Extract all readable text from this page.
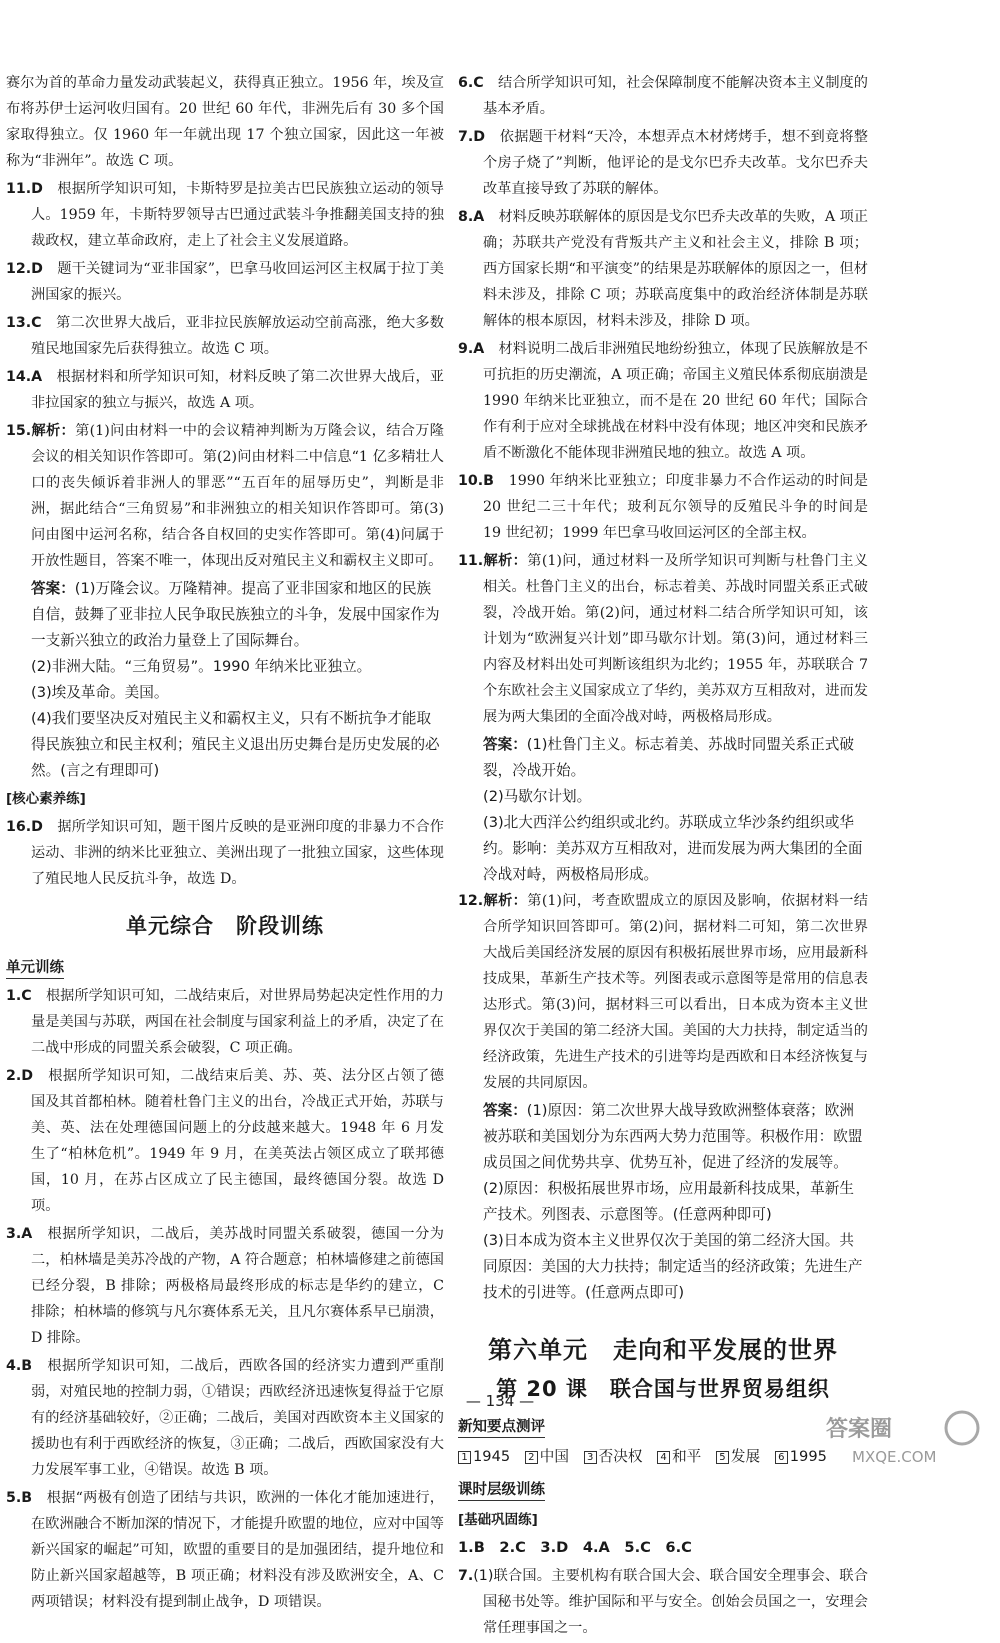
赛尔为首的革命力量发动武装起义，获得真正独立。1956 年，埃及宣布将苏伊士运河收归国有。20 世纪 60 年代，非洲先后有 30 多个国家取得独立。仅 1960 年一年就出现 17 个独立国家，因此这一年被称为“非洲年”。故选 C 项。

11.D　 根据所学知识可知，卡斯特罗是拉美古巴民族独立运动的领导人。1959 年，卡斯特罗领导古巴通过武装斗争推翻美国支持的独裁政权，建立革命政府，走上了社会主义发展道路。

12.D　 题干关键词为“亚非国家”，巴拿马收回运河区主权属于拉丁美洲国家的振兴。

13.C　 第二次世界大战后，亚非拉民族解放运动空前高涨，绝大多数殖民地国家先后获得独立。故选 C 项。

14.A　 根据材料和所学知识可知，材料反映了第二次世界大战后，亚非拉国家的独立与振兴，故选 A 项。

15.解析：第(1)问由材料一中的会议精神判断为万隆会议，结合万隆会议的相关知识作答即可。第(2)问由材料二中信息“1 亿多精壮人口的丧失倾诉着非洲人的罪恶”“五百年的屈辱历史”，判断是非洲，据此结合“三角贸易”和非洲独立的相关知识作答即可。第(3)问由图中运河名称，结合各自权回的史实作答即可。第(4)问属于开放性题目，答案不唯一，体现出反对殖民主义和霸权主义即可。

答案：(1)万隆会议。万隆精神。提高了亚非国家和地区的民族自信，鼓舞了亚非拉人民争取民族独立的斗争，发展中国家作为一支新兴独立的政治力量登上了国际舞台。

(2)非洲大陆。“三角贸易”。1990 年纳米比亚独立。

(3)埃及革命。美国。

(4)我们要坚决反对殖民主义和霸权主义，只有不断抗争才能取得民族独立和民主权利；殖民主义退出历史舞台是历史发展的必然。(言之有理即可)

[核心素养练]

16.D　 据所学知识可知，题干图片反映的是亚洲印度的非暴力不合作运动、非洲的纳米比亚独立、美洲出现了一批独立国家，这些体现了殖民地人民反抗斗争，故选 D。

单元综合　阶段训练
单元训练

1.C　 根据所学知识可知，二战结束后，对世界局势起决定性作用的力量是美国与苏联，两国在社会制度与国家利益上的矛盾，决定了在二战中形成的同盟关系会破裂，C 项正确。

2.D　 根据所学知识可知，二战结束后美、苏、英、法分区占领了德国及其首都柏林。随着杜鲁门主义的出台，冷战正式开始，苏联与美、英、法在处理德国问题上的分歧越来越大。1948 年 6 月发生了“柏林危机”。1949 年 9 月，在美英法占领区成立了联邦德国，10 月，在苏占区成立了民主德国，最终德国分裂。故选 D 项。

3.A　 根据所学知识，二战后，美苏战时同盟关系破裂，德国一分为二，柏林墙是美苏冷战的产物，A 符合题意；柏林墙修建之前德国已经分裂，B 排除；两极格局最终形成的标志是华约的建立，C 排除；柏林墙的修筑与凡尔赛体系无关，且凡尔赛体系早已崩溃，D 排除。

4.B　 根据所学知识可知，二战后，西欧各国的经济实力遭到严重削弱，对殖民地的控制力弱，①错误；西欧经济迅速恢复得益于它原有的经济基础较好，②正确；二战后，美国对西欧资本主义国家的援助也有利于西欧经济的恢复，③正确；二战后，西欧国家没有大力发展军事工业，④错误。故选 B 项。

5.B　 根据“两极有创造了团结与共识，欧洲的一体化才能加速进行，在欧洲融合不断加深的情况下，才能提升欧盟的地位，应对中国等新兴国家的崛起”可知，欧盟的重要目的是加强团结，提升地位和防止新兴国家超越等，B 项正确；材料没有涉及欧洲安全，A、C 两项错误；材料没有提到制止战争，D 项错误。

6.C　 结合所学知识可知，社会保障制度不能解决资本主义制度的基本矛盾。

7.D　 依据题干材料“天冷，本想弄点木材烤烤手，想不到竟将整个房子烧了”判断，他评论的是戈尔巴乔夫改革。戈尔巴乔夫改革直接导致了苏联的解体。

8.A　 材料反映苏联解体的原因是戈尔巴乔夫改革的失败，A 项正确；苏联共产党没有背叛共产主义和社会主义，排除 B 项；西方国家长期“和平演变”的结果是苏联解体的原因之一，但材料未涉及，排除 C 项；苏联高度集中的政治经济体制是苏联解体的根本原因，材料未涉及，排除 D 项。

9.A　 材料说明二战后非洲殖民地纷纷独立，体现了民族解放是不可抗拒的历史潮流，A 项正确；帝国主义殖民体系彻底崩溃是 1990 年纳米比亚独立，而不是在 20 世纪 60 年代；国际合作有利于应对全球挑战在材料中没有体现；地区冲突和民族矛盾不断激化不能体现非洲殖民地的独立。故选 A 项。

10.B　 1990 年纳米比亚独立；印度非暴力不合作运动的时间是 20 世纪二三十年代；玻利瓦尔领导的反殖民斗争的时间是 19 世纪初；1999 年巴拿马收回运河区的全部主权。

11.解析：第(1)问，通过材料一及所学知识可判断与杜鲁门主义相关。杜鲁门主义的出台，标志着美、苏战时同盟关系正式破裂，冷战开始。第(2)问，通过材料二结合所学知识可知，该计划为“欧洲复兴计划”即马歇尔计划。第(3)问，通过材料三内容及材料出处可判断该组织为北约；1955 年，苏联联合 7 个东欧社会主义国家成立了华约，美苏双方互相敌对，进而发展为两大集团的全面冷战对峙，两极格局形成。

答案：(1)杜鲁门主义。标志着美、苏战时同盟关系正式破裂，冷战开始。

(2)马歇尔计划。

(3)北大西洋公约组织或北约。苏联成立华沙条约组织或华约。影响：美苏双方互相敌对，进而发展为两大集团的全面冷战对峙，两极格局形成。

12.解析：第(1)问，考查欧盟成立的原因及影响，依据材料一结合所学知识回答即可。第(2)问，据材料二可知，第二次世界大战后美国经济发展的原因有积极拓展世界市场，应用最新科技成果，革新生产技术等。列图表或示意图等是常用的信息表达形式。第(3)问，据材料三可以看出，日本成为资本主义世界仅次于美国的第二经济大国。美国的大力扶持，制定适当的经济政策，先进生产技术的引进等均是西欧和日本经济恢复与发展的共同原因。

答案：(1)原因：第二次世界大战导致欧洲整体衰落；欧洲被苏联和美国划分为东西两大势力范围等。积极作用：欧盟成员国之间优势共享、优势互补，促进了经济的发展等。

(2)原因：积极拓展世界市场，应用最新科技成果，革新生产技术。列图表、示意图等。(任意两种即可)

(3)日本成为资本主义世界仅次于美国的第二经济大国。共同原因：美国的大力扶持；制定适当的经济政策；先进生产技术的引进等。(任意两点即可)

第六单元　走向和平发展的世界
第 20 课　联合国与世界贸易组织
新知要点测评
1 1945 2 中国 3 否决权 4 和平 5 发展 6 1995
课时层级训练
[基础巩固练]
1.B　2.C　3.D　4.A　5.C　6.C

7.(1)联合国。主要机构有联合国大会、联合国安全理事会、联合国秘书处等。维护国际和平与安全。创始会员国之一，安理会常任理事国之一。

— 134 —
答案圈
MXQE.COM
